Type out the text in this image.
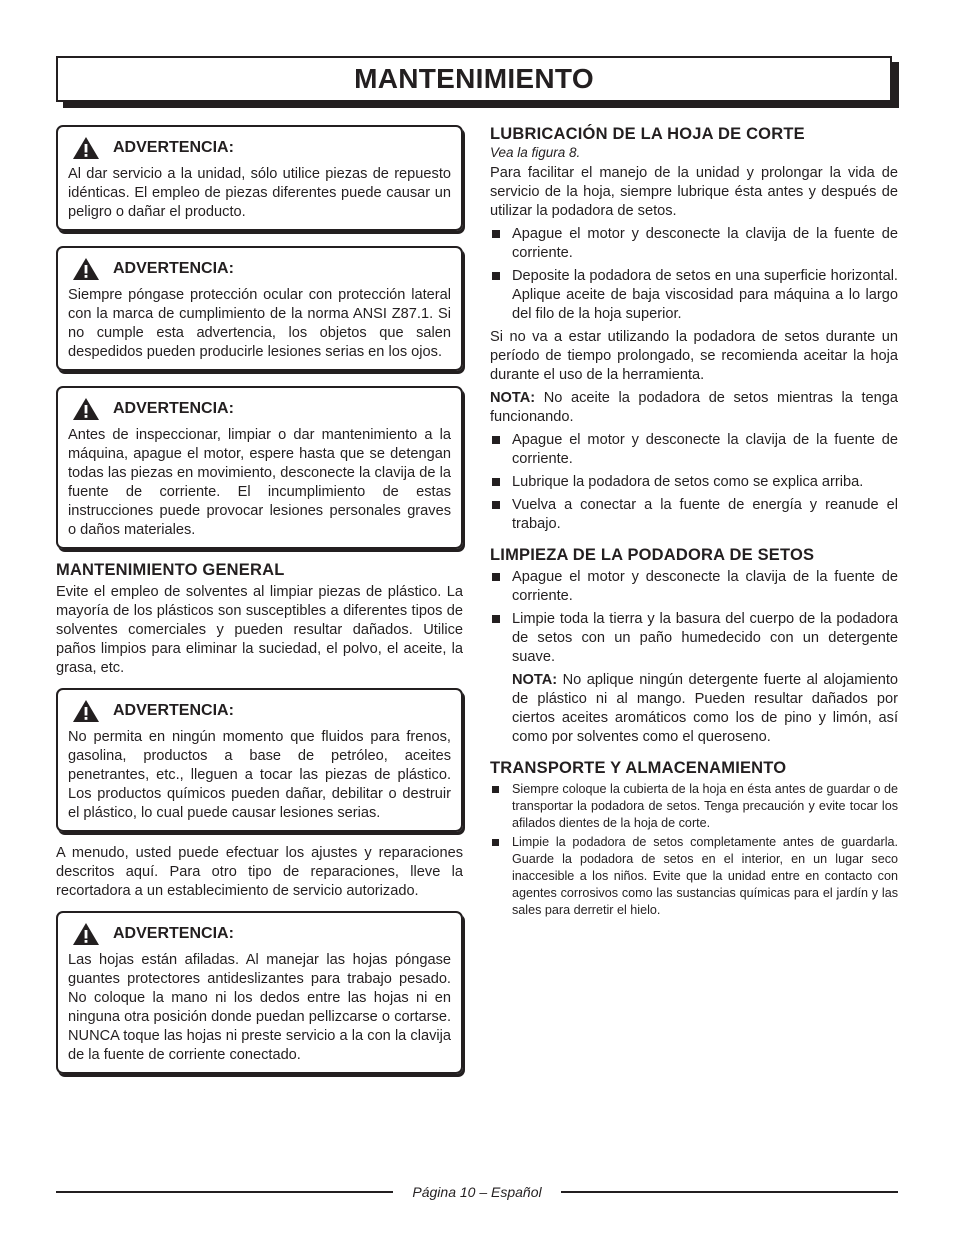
MANTENIMIENTO
ADVERTENCIA:

Al dar servicio a la unidad, sólo utilice piezas de repuesto idénticas. El empleo de piezas diferentes puede causar un peligro o dañar el producto.

ADVERTENCIA:

Siempre póngase protección ocular con protección lateral con la marca de cumplimiento de la norma ANSI Z87.1. Si no cumple esta advertencia, los objetos que salen despedidos pueden producirle lesiones serias en los ojos.

ADVERTENCIA:

Antes de inspeccionar, limpiar o dar mantenimiento a la máquina, apague el motor, espere hasta que se detengan todas las piezas en movimiento, desconecte la clavija de la fuente de corriente. El incumplimiento de estas instrucciones puede provocar lesiones personales graves o daños materiales.

MANTENIMIENTO GENERAL

Evite el empleo de solventes al limpiar piezas de plástico. La mayoría de los plásticos son susceptibles a diferentes tipos de solventes comerciales y pueden resultar dañados. Utilice paños limpios para eliminar la suciedad, el polvo, el aceite, la grasa, etc.

ADVERTENCIA:

No permita en ningún momento que fluidos para frenos, gasolina, productos a base de petróleo, aceites penetrantes, etc., lleguen a tocar las piezas de plástico. Los productos químicos pueden dañar, debilitar o destruir el plástico, lo cual puede causar lesiones serias.

A menudo, usted puede efectuar los ajustes y reparaciones descritos aquí. Para otro tipo de reparaciones, lleve la recortadora a un establecimiento de servicio autorizado.

ADVERTENCIA:

Las hojas están afiladas. Al manejar las hojas póngase guantes protectores antideslizantes para trabajo pesado. No coloque la mano ni los dedos entre las hojas ni en ninguna otra posición donde puedan pellizcarse o cortarse. NUNCA toque las hojas ni preste servicio a la con la clavija de la fuente de corriente conectado.

LUBRICACIÓN DE LA HOJA DE CORTE

Vea la figura 8.

Para facilitar el manejo de la unidad y prolongar la vida de servicio de la hoja, siempre lubrique ésta antes y después de utilizar la podadora de setos.

Apague el motor y desconecte la clavija de la fuente de corriente.
Deposite la podadora de setos en una superficie horizontal. Aplique aceite de baja viscosidad para máquina a lo largo del filo de la hoja superior.

Si no va a estar utilizando la podadora de setos durante un período de tiempo prolongado, se recomienda aceitar la hoja durante el uso de la herramienta.

NOTA: No aceite la podadora de setos mientras la tenga funcionando.

Apague el motor y desconecte la clavija de la fuente de corriente.
Lubrique la podadora de setos como se explica arriba.
Vuelva a conectar a la fuente de energía y reanude el trabajo.
LIMPIEZA DE LA PODADORA DE SETOS
Apague el motor y desconecte la clavija de la fuente de corriente.
Limpie toda la tierra y la basura del cuerpo de la podadora de setos con un paño humedecido con un detergente suave.

NOTA: No aplique ningún detergente fuerte al alojamiento de plástico ni al mango. Pueden resultar dañados por ciertos aceites aromáticos como los de pino y limón, así como por solventes como el queroseno.

TRANSPORTE Y ALMACENAMIENTO
Siempre coloque la cubierta de la hoja en ésta antes de guardar o de transportar la podadora de setos. Tenga precaución y evite tocar los afilados dientes de la hoja de corte.
Limpie la podadora de setos completamente antes de guardarla. Guarde la podadora de setos en el interior, en un lugar seco inaccesible a los niños. Evite que la unidad entre en contacto con agentes corrosivos como las sustancias químicas para el jardín y las sales para derretir el hielo.
Página 10 – Español
